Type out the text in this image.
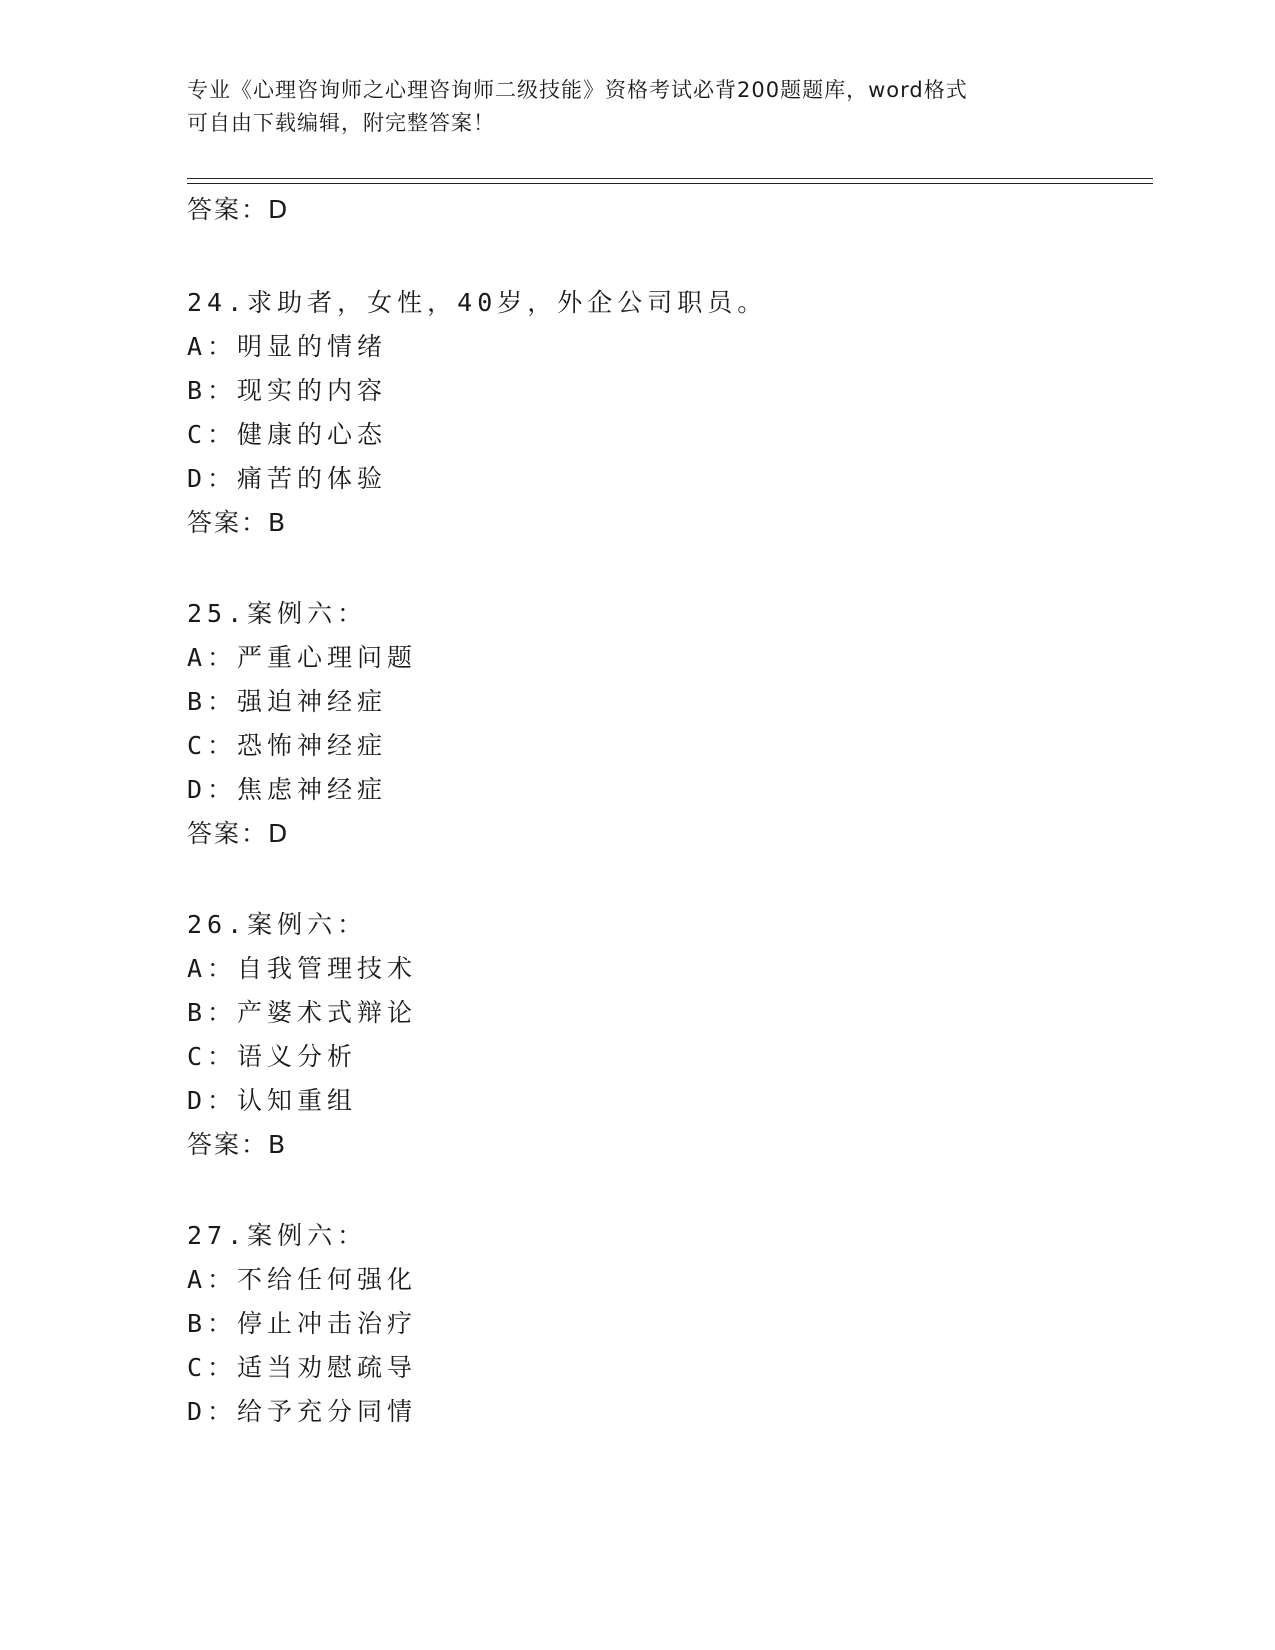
专业《心理咨询师之心理咨询师二级技能》资格考试必背200题题库，word格式
可自由下载编辑，附完整答案！
答案：D
24.求助者，女性，40岁，外企公司职员。
A：明显的情绪
B：现实的内容
C：健康的心态
D：痛苦的体验
答案：B
25.案例六：
A：严重心理问题
B：强迫神经症
C：恐怖神经症
D：焦虑神经症
答案：D
26.案例六：
A：自我管理技术
B：产婆术式辩论
C：语义分析
D：认知重组
答案：B
27.案例六：
A：不给任何强化
B：停止冲击治疗
C：适当劝慰疏导
D：给予充分同情
